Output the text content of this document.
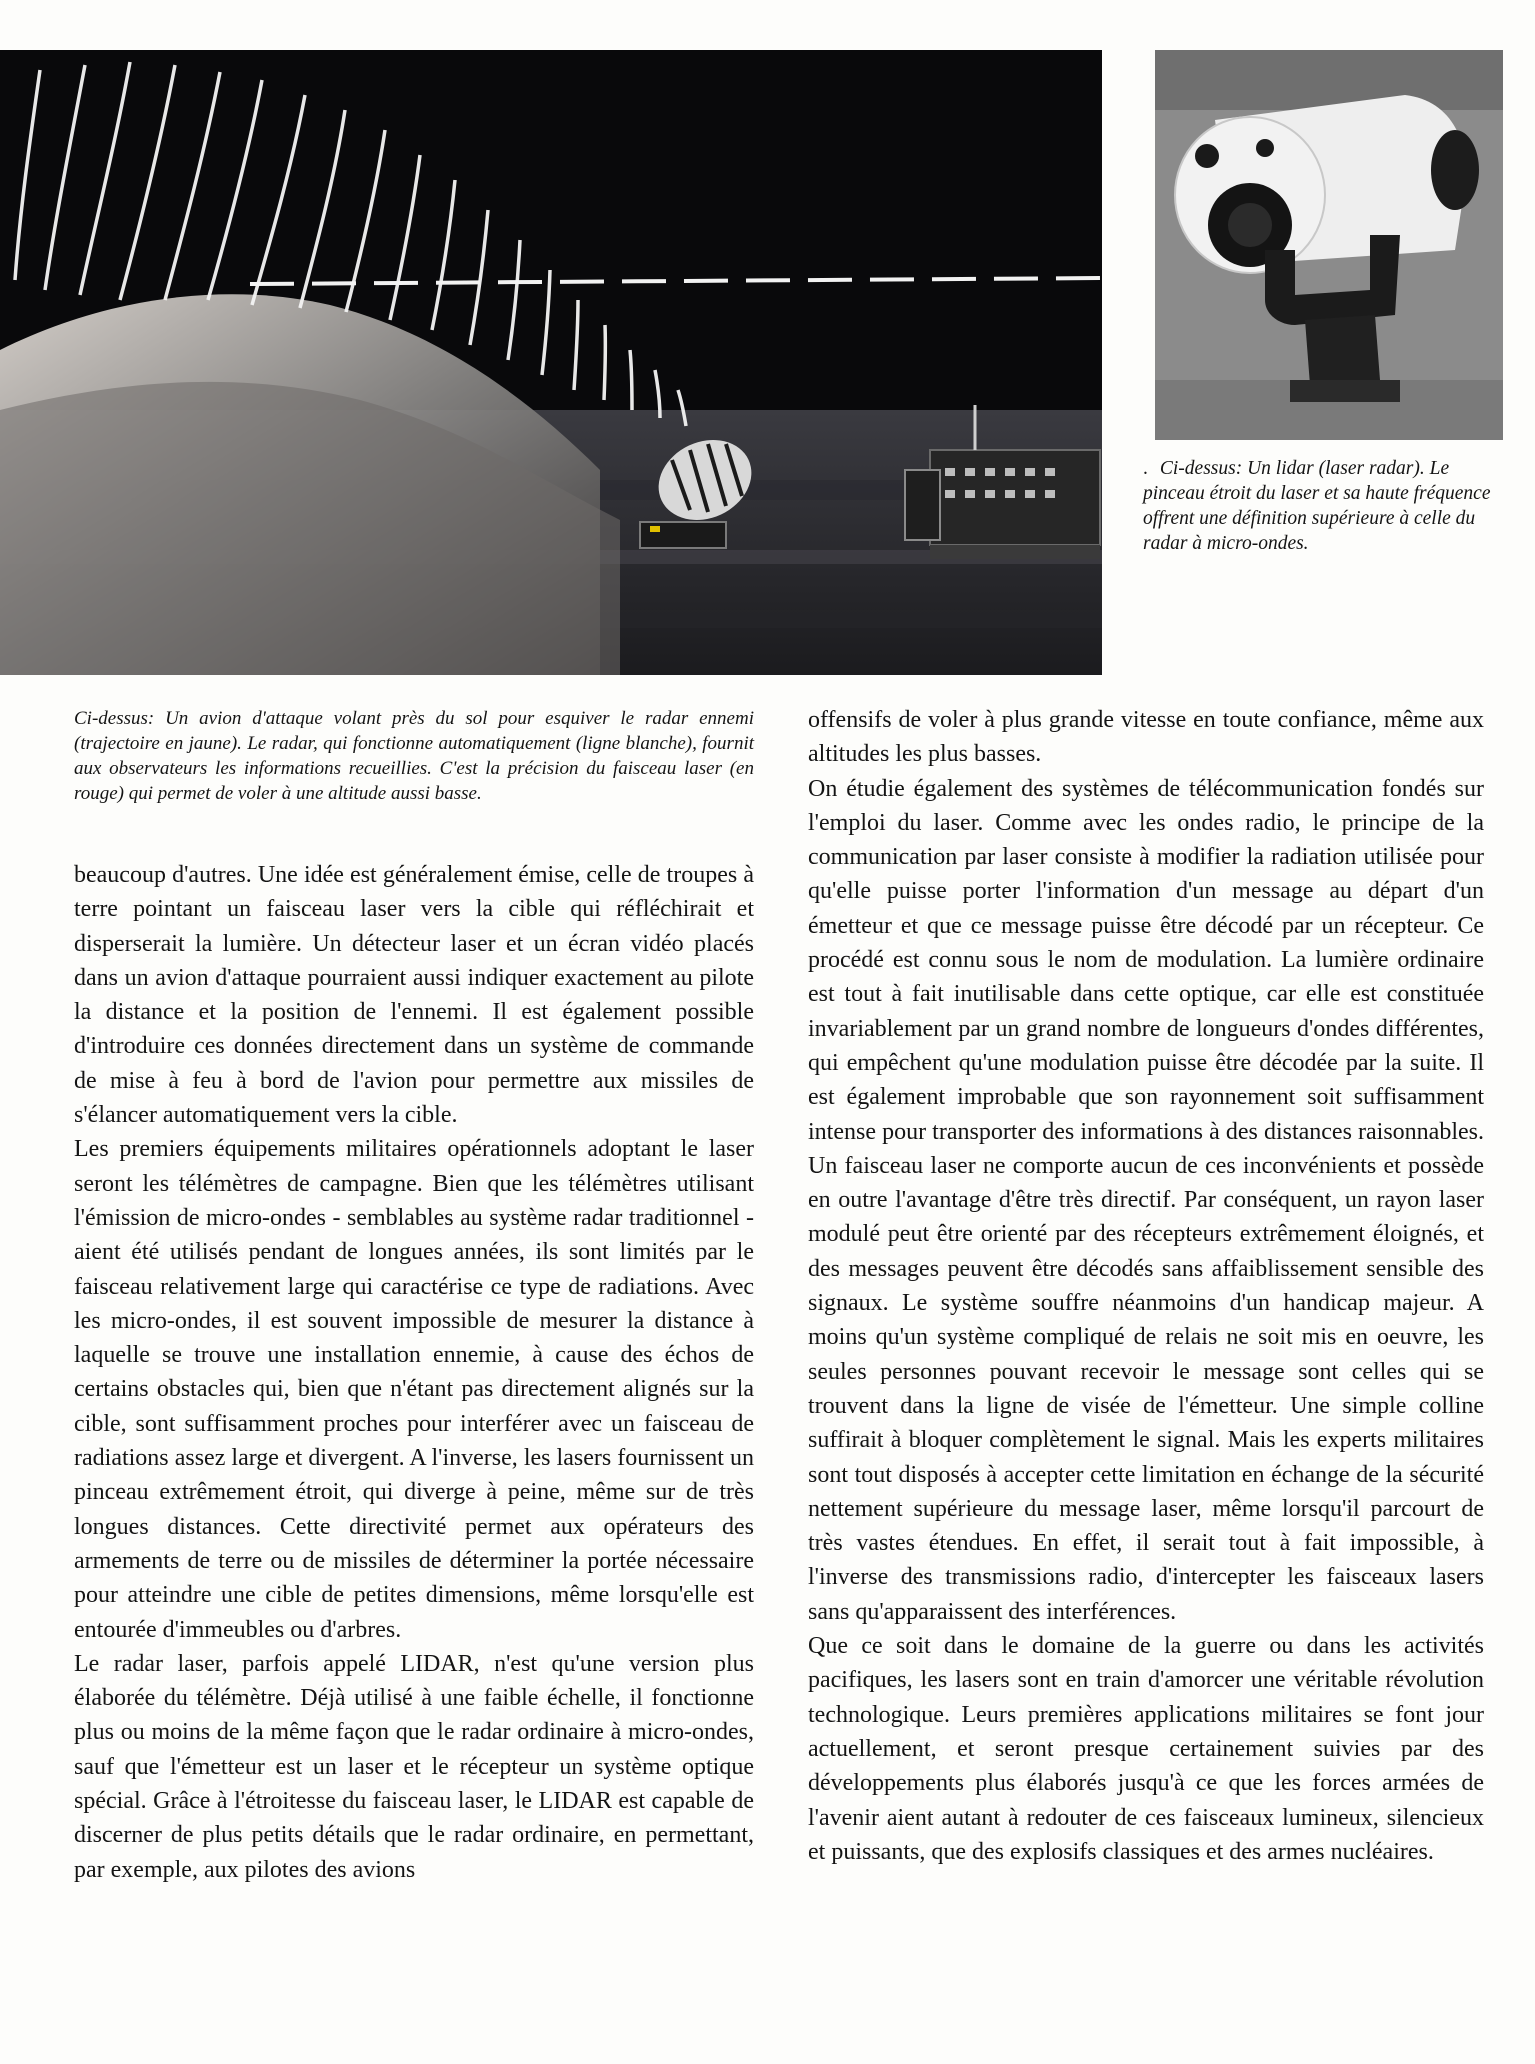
. Ci-dessus: Un lidar (laser radar). Le pinceau étroit du laser et sa haute fréquence offrent une définition supérieure à celle du radar à micro-ondes.
Ci-dessus: Un avion d'attaque volant près du sol pour esquiver le radar ennemi (trajectoire en jaune). Le radar, qui fonctionne automatiquement (ligne blanche), fournit aux observateurs les informations recueillies. C'est la précision du faisceau laser (en rouge) qui permet de voler à une altitude aussi basse.

beaucoup d'autres. Une idée est généralement émise, celle de troupes à terre pointant un faisceau laser vers la cible qui réfléchirait et disperserait la lumière. Un détecteur laser et un écran vidéo placés dans un avion d'attaque pourraient aussi indiquer exactement au pilote la distance et la position de l'ennemi. Il est également possible d'introduire ces données directement dans un système de commande de mise à feu à bord de l'avion pour permettre aux missiles de s'élancer automatiquement vers la cible.

Les premiers équipements militaires opérationnels adoptant le laser seront les télémètres de campagne. Bien que les télémètres utilisant l'émission de micro-ondes - semblables au système radar traditionnel - aient été utilisés pendant de longues années, ils sont limités par le faisceau relativement large qui caractérise ce type de radiations. Avec les micro-ondes, il est souvent impossible de mesurer la distance à laquelle se trouve une installation ennemie, à cause des échos de certains obstacles qui, bien que n'étant pas directement alignés sur la cible, sont suffisamment proches pour interférer avec un faisceau de radiations assez large et divergent. A l'inverse, les lasers fournissent un pinceau extrêmement étroit, qui diverge à peine, même sur de très longues distances. Cette directivité permet aux opérateurs des armements de terre ou de missiles de déterminer la portée nécessaire pour atteindre une cible de petites dimensions, même lorsqu'elle est entourée d'immeubles ou d'arbres.

Le radar laser, parfois appelé LIDAR, n'est qu'une version plus élaborée du télémètre. Déjà utilisé à une faible échelle, il fonctionne plus ou moins de la même façon que le radar ordinaire à micro-ondes, sauf que l'émetteur est un laser et le récepteur un système optique spécial. Grâce à l'étroitesse du faisceau laser, le LIDAR est capable de discerner de plus petits détails que le radar ordinaire, en permettant, par exemple, aux pilotes des avions

offensifs de voler à plus grande vitesse en toute confiance, même aux altitudes les plus basses.

On étudie également des systèmes de télécommunication fondés sur l'emploi du laser. Comme avec les ondes radio, le principe de la communication par laser consiste à modifier la radiation utilisée pour qu'elle puisse porter l'information d'un message au départ d'un émetteur et que ce message puisse être décodé par un récepteur. Ce procédé est connu sous le nom de modulation. La lumière ordinaire est tout à fait inutilisable dans cette optique, car elle est constituée invariablement par un grand nombre de longueurs d'ondes différentes, qui empêchent qu'une modulation puisse être décodée par la suite. Il est également improbable que son rayonnement soit suffisamment intense pour transporter des informations à des distances raisonnables. Un faisceau laser ne comporte aucun de ces inconvénients et possède en outre l'avantage d'être très directif. Par conséquent, un rayon laser modulé peut être orienté par des récepteurs extrêmement éloignés, et des messages peuvent être décodés sans affaiblissement sensible des signaux. Le système souffre néanmoins d'un handicap majeur. A moins qu'un système compliqué de relais ne soit mis en oeuvre, les seules personnes pouvant recevoir le message sont celles qui se trouvent dans la ligne de visée de l'émetteur. Une simple colline suffirait à bloquer complètement le signal. Mais les experts militaires sont tout disposés à accepter cette limitation en échange de la sécurité nettement supérieure du message laser, même lorsqu'il parcourt de très vastes étendues. En effet, il serait tout à fait impossible, à l'inverse des transmissions radio, d'intercepter les faisceaux lasers sans qu'apparaissent des interférences.

Que ce soit dans le domaine de la guerre ou dans les activités pacifiques, les lasers sont en train d'amorcer une véritable révolution technologique. Leurs premières applications militaires se font jour actuellement, et seront presque certainement suivies par des développements plus élaborés jusqu'à ce que les forces armées de l'avenir aient autant à redouter de ces faisceaux lumineux, silencieux et puissants, que des explosifs classiques et des armes nucléaires.
